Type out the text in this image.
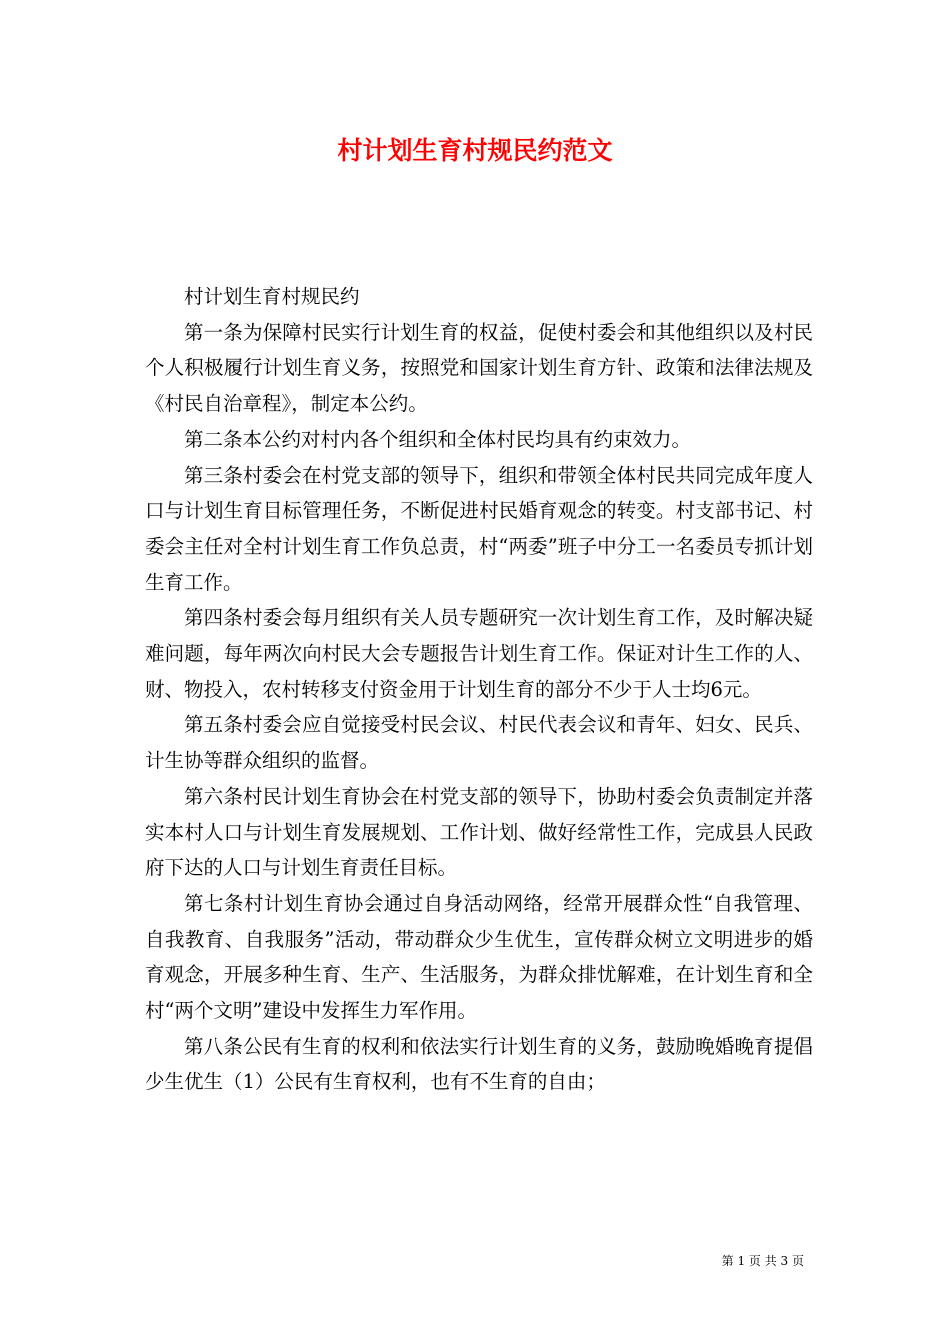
村计划生育村规民约范文

村计划生育村规民约

第一条为保障村民实行计划生育的权益，促使村委会和其他组织以及村民个人积极履行计划生育义务，按照党和国家计划生育方针、政策和法律法规及《村民自治章程》，制定本公约。

第二条本公约对村内各个组织和全体村民均具有约束效力。

第三条村委会在村党支部的领导下，组织和带领全体村民共同完成年度人口与计划生育目标管理任务，不断促进村民婚育观念的转变。村支部书记、村委会主任对全村计划生育工作负总责，村“两委”班子中分工一名委员专抓计划生育工作。

第四条村委会每月组织有关人员专题研究一次计划生育工作，及时解决疑难问题，每年两次向村民大会专题报告计划生育工作。保证对计生工作的人、财、物投入，农村转移支付资金用于计划生育的部分不少于人士均6元。

第五条村委会应自觉接受村民会议、村民代表会议和青年、妇女、民兵、计生协等群众组织的监督。

第六条村民计划生育协会在村党支部的领导下，协助村委会负责制定并落实本村人口与计划生育发展规划、工作计划、做好经常性工作，完成县人民政府下达的人口与计划生育责任目标。

第七条村计划生育协会通过自身活动网络，经常开展群众性“自我管理、自我教育、自我服务”活动，带动群众少生优生，宣传群众树立文明进步的婚育观念，开展多种生育、生产、生活服务，为群众排忧解难，在计划生育和全村“两个文明”建设中发挥生力军作用。

第八条公民有生育的权利和依法实行计划生育的义务，鼓励晚婚晚育提倡少生优生（1）公民有生育权利，也有不生育的自由；

第 1 页 共 3 页
